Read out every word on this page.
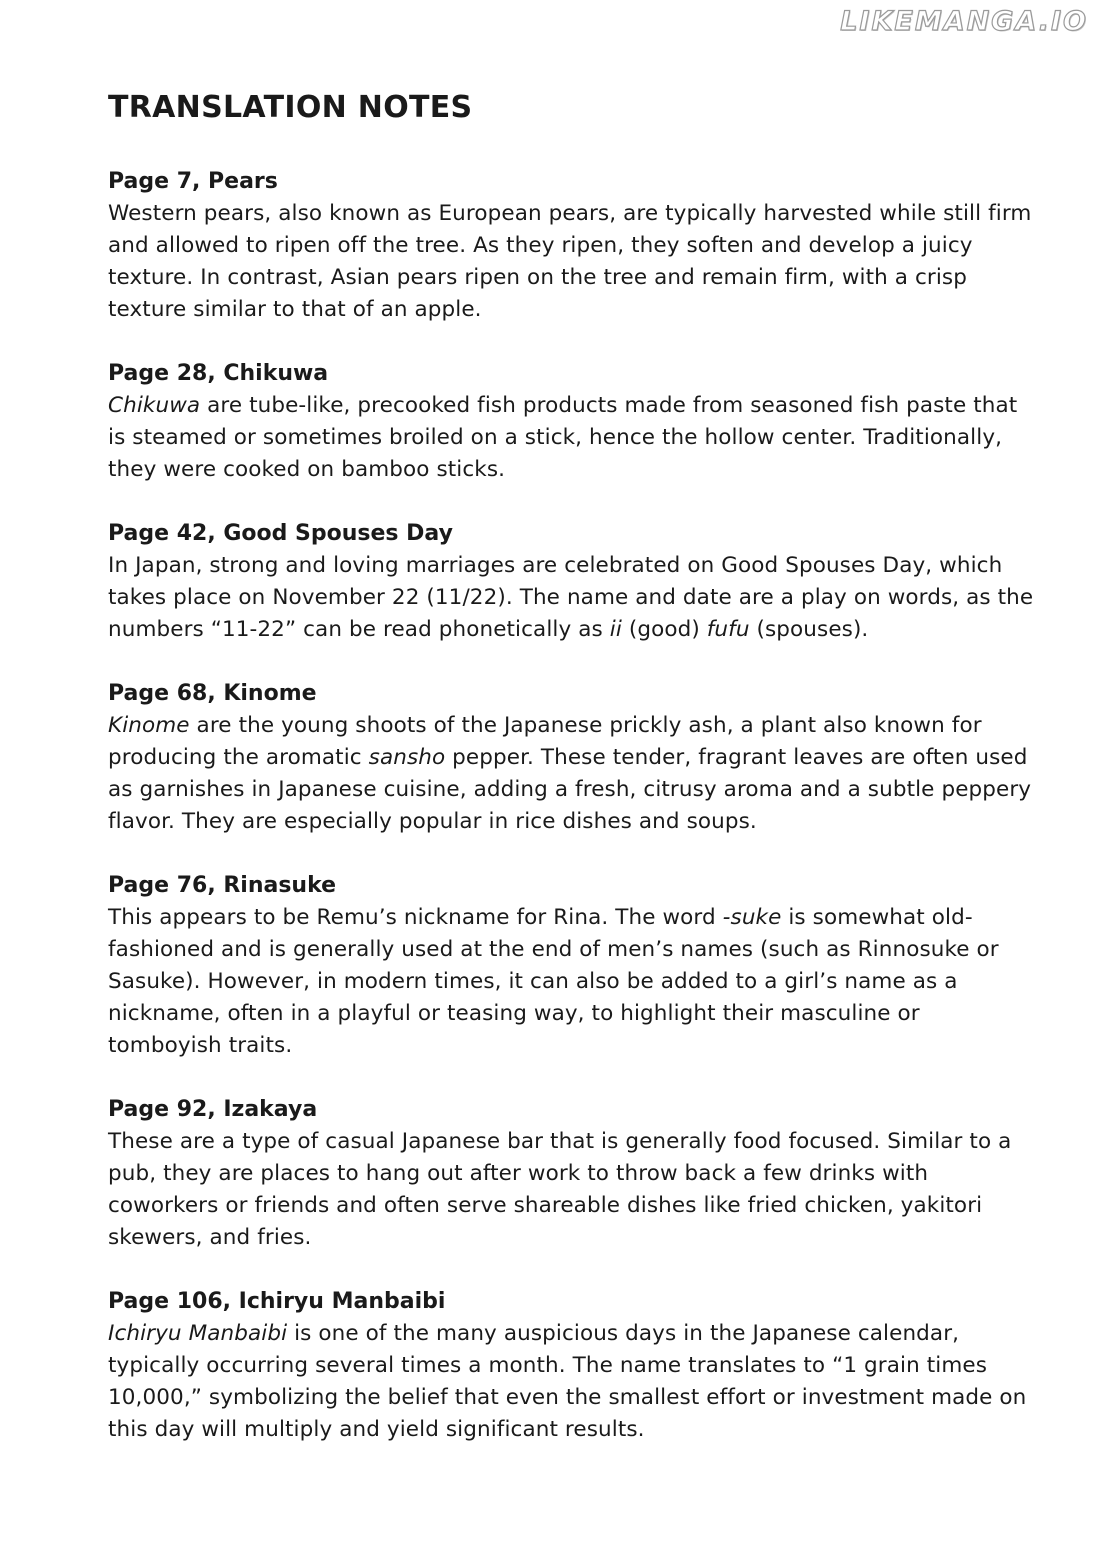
LIKEMANGA.IO
TRANSLATION NOTES
Page 7, Pears

Western pears, also known as European pears, are typically harvested while still firm and allowed to ripen off the tree. As they ripen, they soften and develop a juicy texture. In contrast, Asian pears ripen on the tree and remain firm, with a crisp texture similar to that of an apple.

Page 28, Chikuwa

Chikuwa are tube-like, precooked fish products made from seasoned fish paste that is steamed or sometimes broiled on a stick, hence the hollow center. Traditionally, they were cooked on bamboo sticks.

Page 42, Good Spouses Day

In Japan, strong and loving marriages are celebrated on Good Spouses Day, which takes place on November 22 (11/22). The name and date are a play on words, as the numbers “11-22” can be read phonetically as ii (good) fufu (spouses).

Page 68, Kinome

Kinome are the young shoots of the Japanese prickly ash, a plant also known for producing the aromatic sansho pepper. These tender, fragrant leaves are often used as garnishes in Japanese cuisine, adding a fresh, citrusy aroma and a subtle peppery flavor. They are especially popular in rice dishes and soups.

Page 76, Rinasuke

This appears to be Remu’s nickname for Rina. The word -suke is somewhat old-fashioned and is generally used at the end of men’s names (such as Rinnosuke or Sasuke). However, in modern times, it can also be added to a girl’s name as a nickname, often in a playful or teasing way, to highlight their masculine or tomboyish traits.

Page 92, Izakaya

These are a type of casual Japanese bar that is generally food focused. Similar to a pub, they are places to hang out after work to throw back a few drinks with coworkers or friends and often serve shareable dishes like fried chicken, yakitori skewers, and fries.

Page 106, Ichiryu Manbaibi

Ichiryu Manbaibi is one of the many auspicious days in the Japanese calendar, typically occurring several times a month. The name translates to “1 grain times 10,000,” symbolizing the belief that even the smallest effort or investment made on this day will multiply and yield significant results.
